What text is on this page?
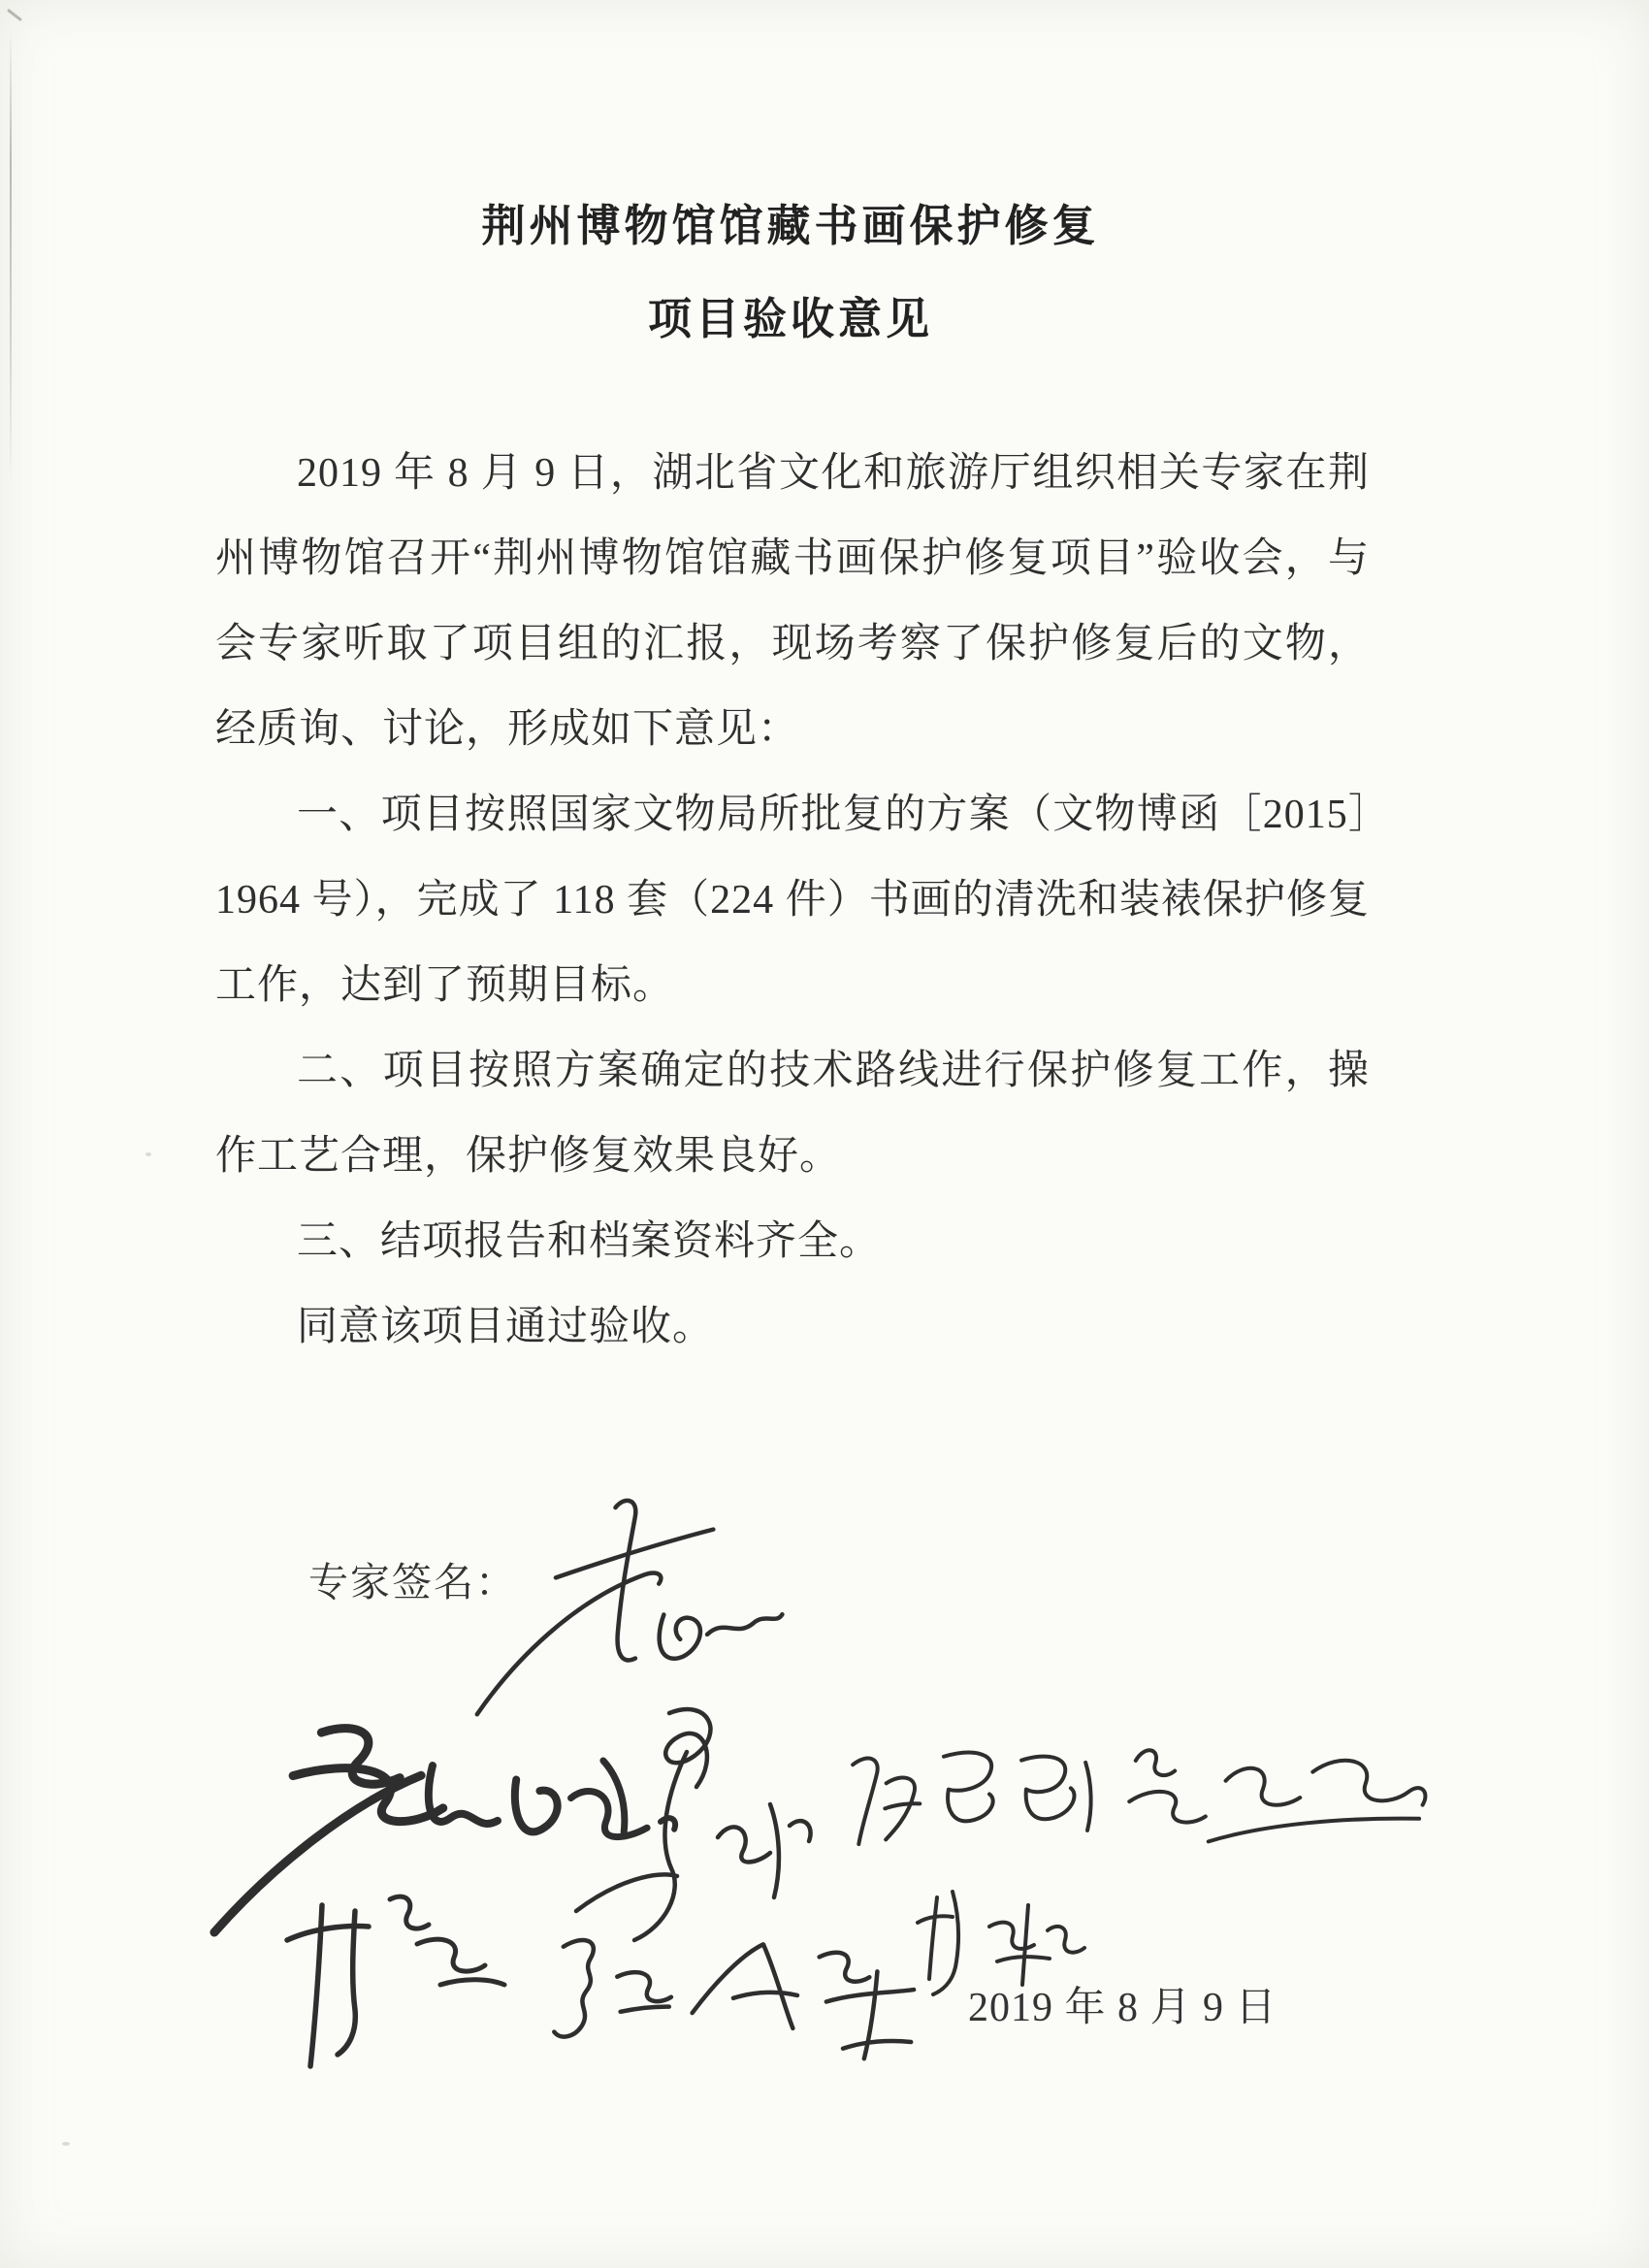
荆州博物馆馆藏书画保护修复
项目验收意见

2019 年 8 月 9 日，湖北省文化和旅游厅组织相关专家在荆州博物馆召开“荆州博物馆馆藏书画保护修复项目”验收会，与会专家听取了项目组的汇报，现场考察了保护修复后的文物，经质询、讨论，形成如下意见：

一、项目按照国家文物局所批复的方案（文物博函［2015］1964 号），完成了 118 套（224 件）书画的清洗和装裱保护修复工作，达到了预期目标。

二、项目按照方案确定的技术路线进行保护修复工作，操作工艺合理，保护修复效果良好。

三、结项报告和档案资料齐全。

同意该项目通过验收。

专家签名：
2019 年 8 月 9 日
